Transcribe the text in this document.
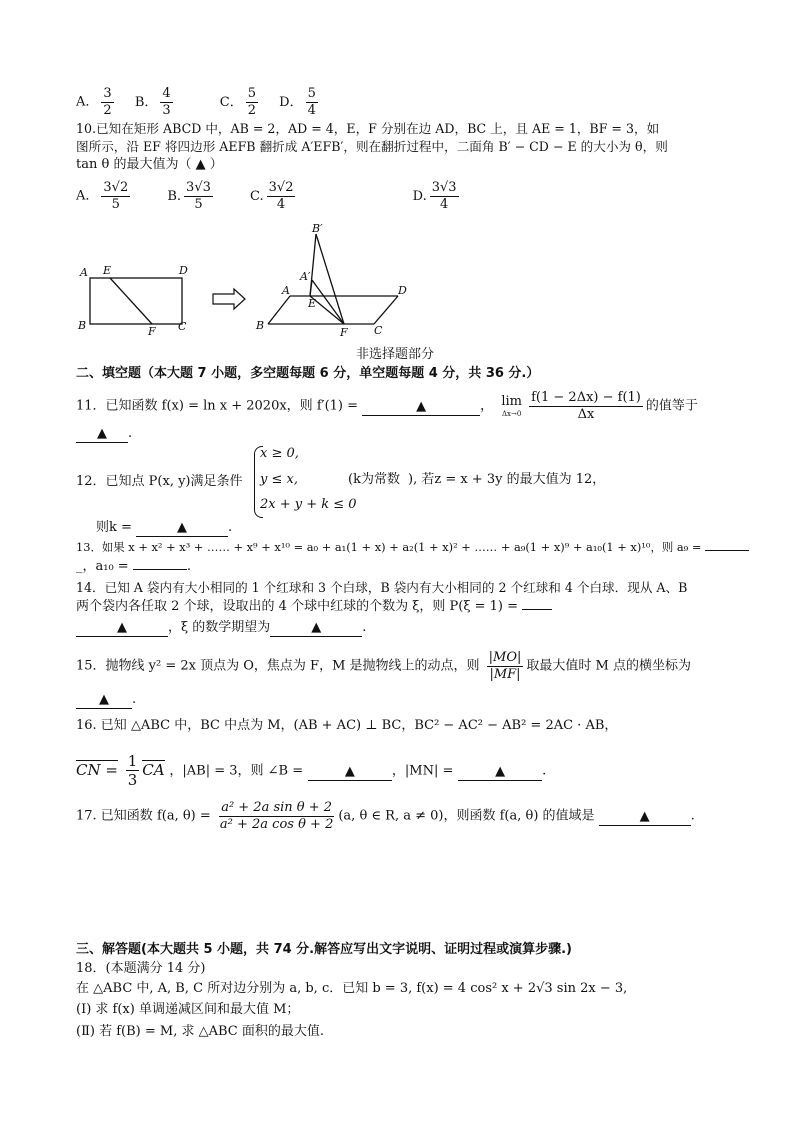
A． $\frac{3}{2}$ B． $\frac{4}{3}$	C． $\frac{5}{2}$ D． $\frac{5}{4}$
10.已知在矩形 ABCD 中，AB = 2，AD = 4，E，F 分别在边 AD，BC 上，且 AE = 1，BF = 3，如
图所示，沿 EF 将四边形 AEFB 翻折成 A′EFB′，则在翻折过程中，二面角 B′ − CD − E 的大小为 θ，则
tan θ 的最大值为（ ▲ ）
A． $\frac{3√2}{5}$	B. $\frac{3√3}{5}$	C. $\frac{3√2}{4}$	D. $\frac{3√3}{4}$
A E	D
B	F C
B′
A′
A
E
D
B
F C
非选择题部分
二、填空题（本大题 7 小题，多空题每题 6 分，单空题每题 4 分，共 36 分.）
11．已知函数 f(x) = ln x + 2020x，则 f′(1) =	▲	， lim
Δx→0
$\frac{f(1 - 2\Delta x) - f(1)}{\Delta x}$ 的值等于
▲ .
12．已知点 P(x, y)满足条件
x ≥ 0,
y ≤ x,
2x + y + k ≤ 0
(k为常数 ), 若z = x + 3y 的最大值为 12，
则k =	▲	.
13．如果 x + x² + x³ + …… + x⁹ + x¹⁰ = a₀ + a₁(1 + x) + a₂(1 + x)² + …… + a₉(1 + x)⁹ + a₁₀(1 + x)¹⁰，则 a₉ =
_，a₁₀ =	.
14．已知 A 袋内有大小相同的 1 个红球和 3 个白球，B 袋内有大小相同的 2 个红球和 4 个白球．现从 A、B
两个袋内各任取 2 个球，设取出的 4 个球中红球的个数为 ξ，则 P(ξ = 1) =
▲	，ξ 的数学期望为	▲	.
15．抛物线 y² = 2x 顶点为 O，焦点为 F，M 是抛物线上的动点，则 $\frac{|MO|}{|MF|}$ 取最大值时 M 点的横坐标为
▲ .
16. 已知 △ABC 中，BC 中点为 M，(AB + AC) ⊥ BC，BC² − AC² − AB² = 2AC · AB，
CN = $\frac{1}{3}$ CA ，|AB| = 3，则 ∠B =	▲	，|MN| =	▲	.
17. 已知函数 f(a, $\theta) = \frac{\text{a² + 2a sin θ + 2}}{\text{a² + 2a cos θ + 2}} (a$, θ ∈ R, a ≠ 0)，则函数 f(a, θ) 的值域是	▲	.
三、解答题(本大题共 5 小题，共 74 分.解答应写出文字说明、证明过程或演算步骤.)
18．(本题满分 14 分)
在 △ABC 中, A, B, C 所对边分别为 a, b, c．已知 b = 3, f(x) = 4 cos² x + 2√3 sin 2x − 3,
(Ⅰ) 求 f(x) 单调递减区间和最大值 M；
(Ⅱ) 若 f(B) = M, 求 △ABC 面积的最大值.
